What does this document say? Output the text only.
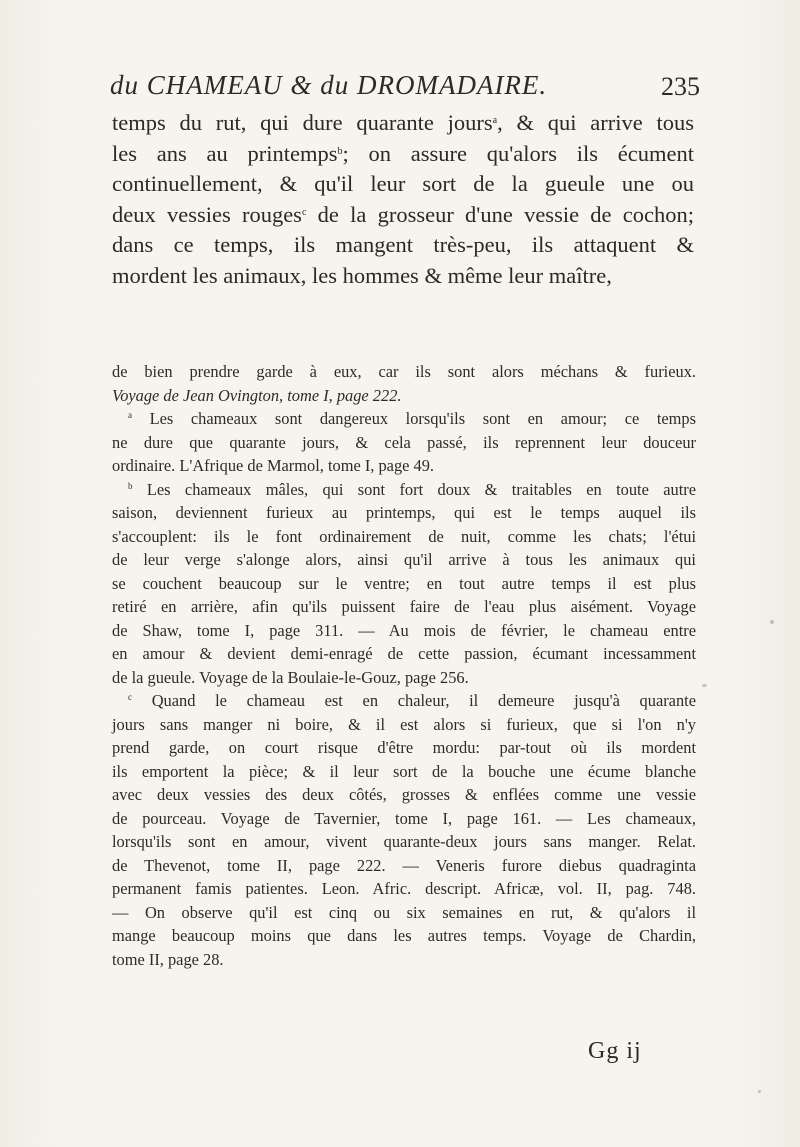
du CHAMEAU & du DROMADAIRE.	235
temps du rut, qui dure quarante jours$^a$, & qui arrive tous
les ans au printemps$^b$; on assure qu'alors ils écument
continuellement, & qu'il leur sort de la gueule une ou
deux vessies rouges$^c$ de la grosseur d'une vessie de cochon;
dans ce temps, ils mangent très-peu, ils attaquent &
mordent les animaux, les hommes & même leur maître,
de bien prendre garde à eux, car ils sont alors méchans & furieux.
Voyage de Jean Ovington, tome I, page 222.
$^a$ Les chameaux sont dangereux lorsqu'ils sont en amour; ce temps
ne dure que quarante jours, & cela passé, ils reprennent leur douceur
ordinaire. L'Afrique de Marmol, tome I, page 49.
$^b$ Les chameaux mâles, qui sont fort doux & traitables en toute autre
saison, deviennent furieux au printemps, qui est le temps auquel ils
s'accouplent: ils le font ordinairement de nuit, comme les chats; l'étui
de leur verge s'alonge alors, ainsi qu'il arrive à tous les animaux qui
se couchent beaucoup sur le ventre; en tout autre temps il est plus
retiré en arrière, afin qu'ils puissent faire de l'eau plus aisément. Voyage
de Shaw, tome I, page 311. — Au mois de février, le chameau entre
en amour & devient demi-enragé de cette passion, écumant incessamment
de la gueule. Voyage de la Boulaie-le-Gouz, page 256.
$^c$ Quand le chameau est en chaleur, il demeure jusqu'à quarante
jours sans manger ni boire, & il est alors si furieux, que si l'on n'y
prend garde, on court risque d'être mordu: par-tout où ils mordent
ils emportent la pièce; & il leur sort de la bouche une écume blanche
avec deux vessies des deux côtés, grosses & enflées comme une vessie
de pourceau. Voyage de Tavernier, tome I, page 161. — Les chameaux,
lorsqu'ils sont en amour, vivent quarante-deux jours sans manger. Relat.
de Thevenot, tome II, page 222. — Veneris furore diebus quadraginta
permanent famis patientes. Leon. Afric. descript. Africæ, vol. II, pag. 748.
— On observe qu'il est cinq ou six semaines en rut, & qu'alors il
mange beaucoup moins que dans les autres temps. Voyage de Chardin,
tome II, page 28.
Gg ij
